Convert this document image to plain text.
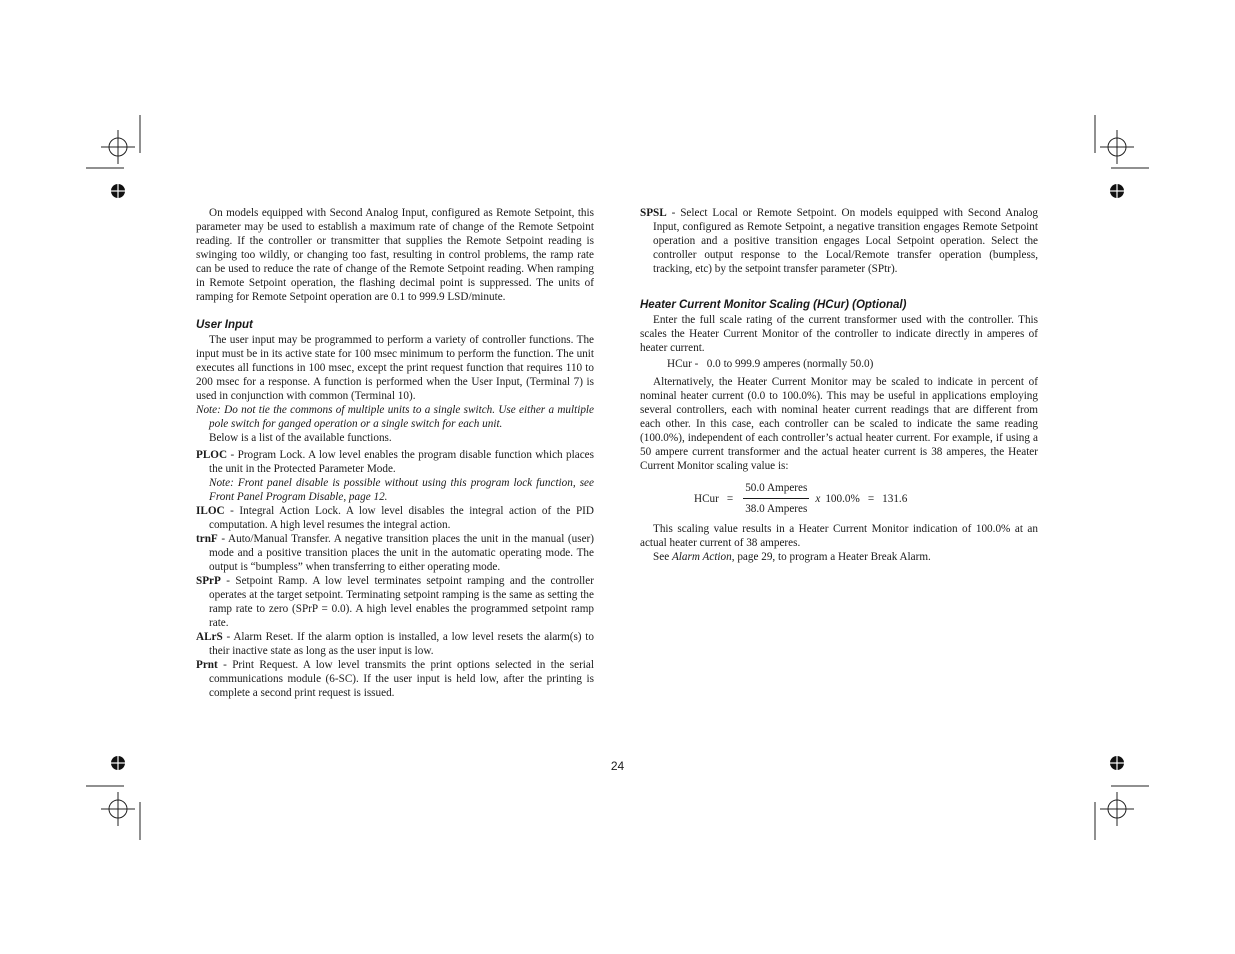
On models equipped with Second Analog Input, configured as Remote Setpoint, this parameter may be used to establish a maximum rate of change of the Remote Setpoint reading. If the controller or transmitter that supplies the Remote Setpoint reading is swinging too wildly, or changing too fast, resulting in control problems, the ramp rate can be used to reduce the rate of change of the Remote Setpoint reading. When ramping in Remote Setpoint operation, the flashing decimal point is suppressed. The units of ramping for Remote Setpoint operation are 0.1 to 999.9 LSD/minute.

User Input

The user input may be programmed to perform a variety of controller functions. The input must be in its active state for 100 msec minimum to perform the function. The unit executes all functions in 100 msec, except the print request function that requires 110 to 200 msec for a response. A function is performed when the User Input, (Terminal 7) is used in conjunction with common (Terminal 10).

Note: Do not tie the commons of multiple units to a single switch. Use either a multiple pole switch for ganged operation or a single switch for each unit.

Below is a list of the available functions.

PLOC - Program Lock. A low level enables the program disable function which places the unit in the Protected Parameter Mode.

Note: Front panel disable is possible without using this program lock function, see Front Panel Program Disable, page 12.

ILOC - Integral Action Lock. A low level disables the integral action of the PID computation. A high level resumes the integral action.

trnF - Auto/Manual Transfer. A negative transition places the unit in the manual (user) mode and a positive transition places the unit in the automatic operating mode. The output is “bumpless” when transferring to either operating mode.

SPrP - Setpoint Ramp. A low level terminates setpoint ramping and the controller operates at the target setpoint. Terminating setpoint ramping is the same as setting the ramp rate to zero (SPrP = 0.0). A high level enables the programmed setpoint ramp rate.

ALrS - Alarm Reset. If the alarm option is installed, a low level resets the alarm(s) to their inactive state as long as the user input is low.

Prnt - Print Request. A low level transmits the print options selected in the serial communications module (6-SC). If the user input is held low, after the printing is complete a second print request is issued.

SPSL - Select Local or Remote Setpoint. On models equipped with Second Analog Input, configured as Remote Setpoint, a negative transition engages Remote Setpoint operation and a positive transition engages Local Setpoint operation. Select the controller output response to the Local/Remote transfer operation (bumpless, tracking, etc) by the setpoint transfer parameter (SPtr).

Heater Current Monitor Scaling (HCur) (Optional)

Enter the full scale rating of the current transformer used with the controller. This scales the Heater Current Monitor of the controller to indicate directly in amperes of heater current.

HCur - 0.0 to 999.9 amperes (normally 50.0)

Alternatively, the Heater Current Monitor may be scaled to indicate in percent of nominal heater current (0.0 to 100.0%). This may be useful in applications employing several controllers, each with nominal heater current readings that are different from each other. In this case, each controller can be scaled to indicate the same reading (100.0%), independent of each controller’s actual heater current. For example, if using a 50 ampere current transformer and the actual heater current is 38 amperes, the Heater Current Monitor scaling value is:

HCur = $\frac{\text{50.0 Amperes}}{\text{38.0 Amperes}}$ x 100.0% = 131.6

This scaling value results in a Heater Current Monitor indication of 100.0% at an actual heater current of 38 amperes.

See Alarm Action, page 29, to program a Heater Break Alarm.

24
